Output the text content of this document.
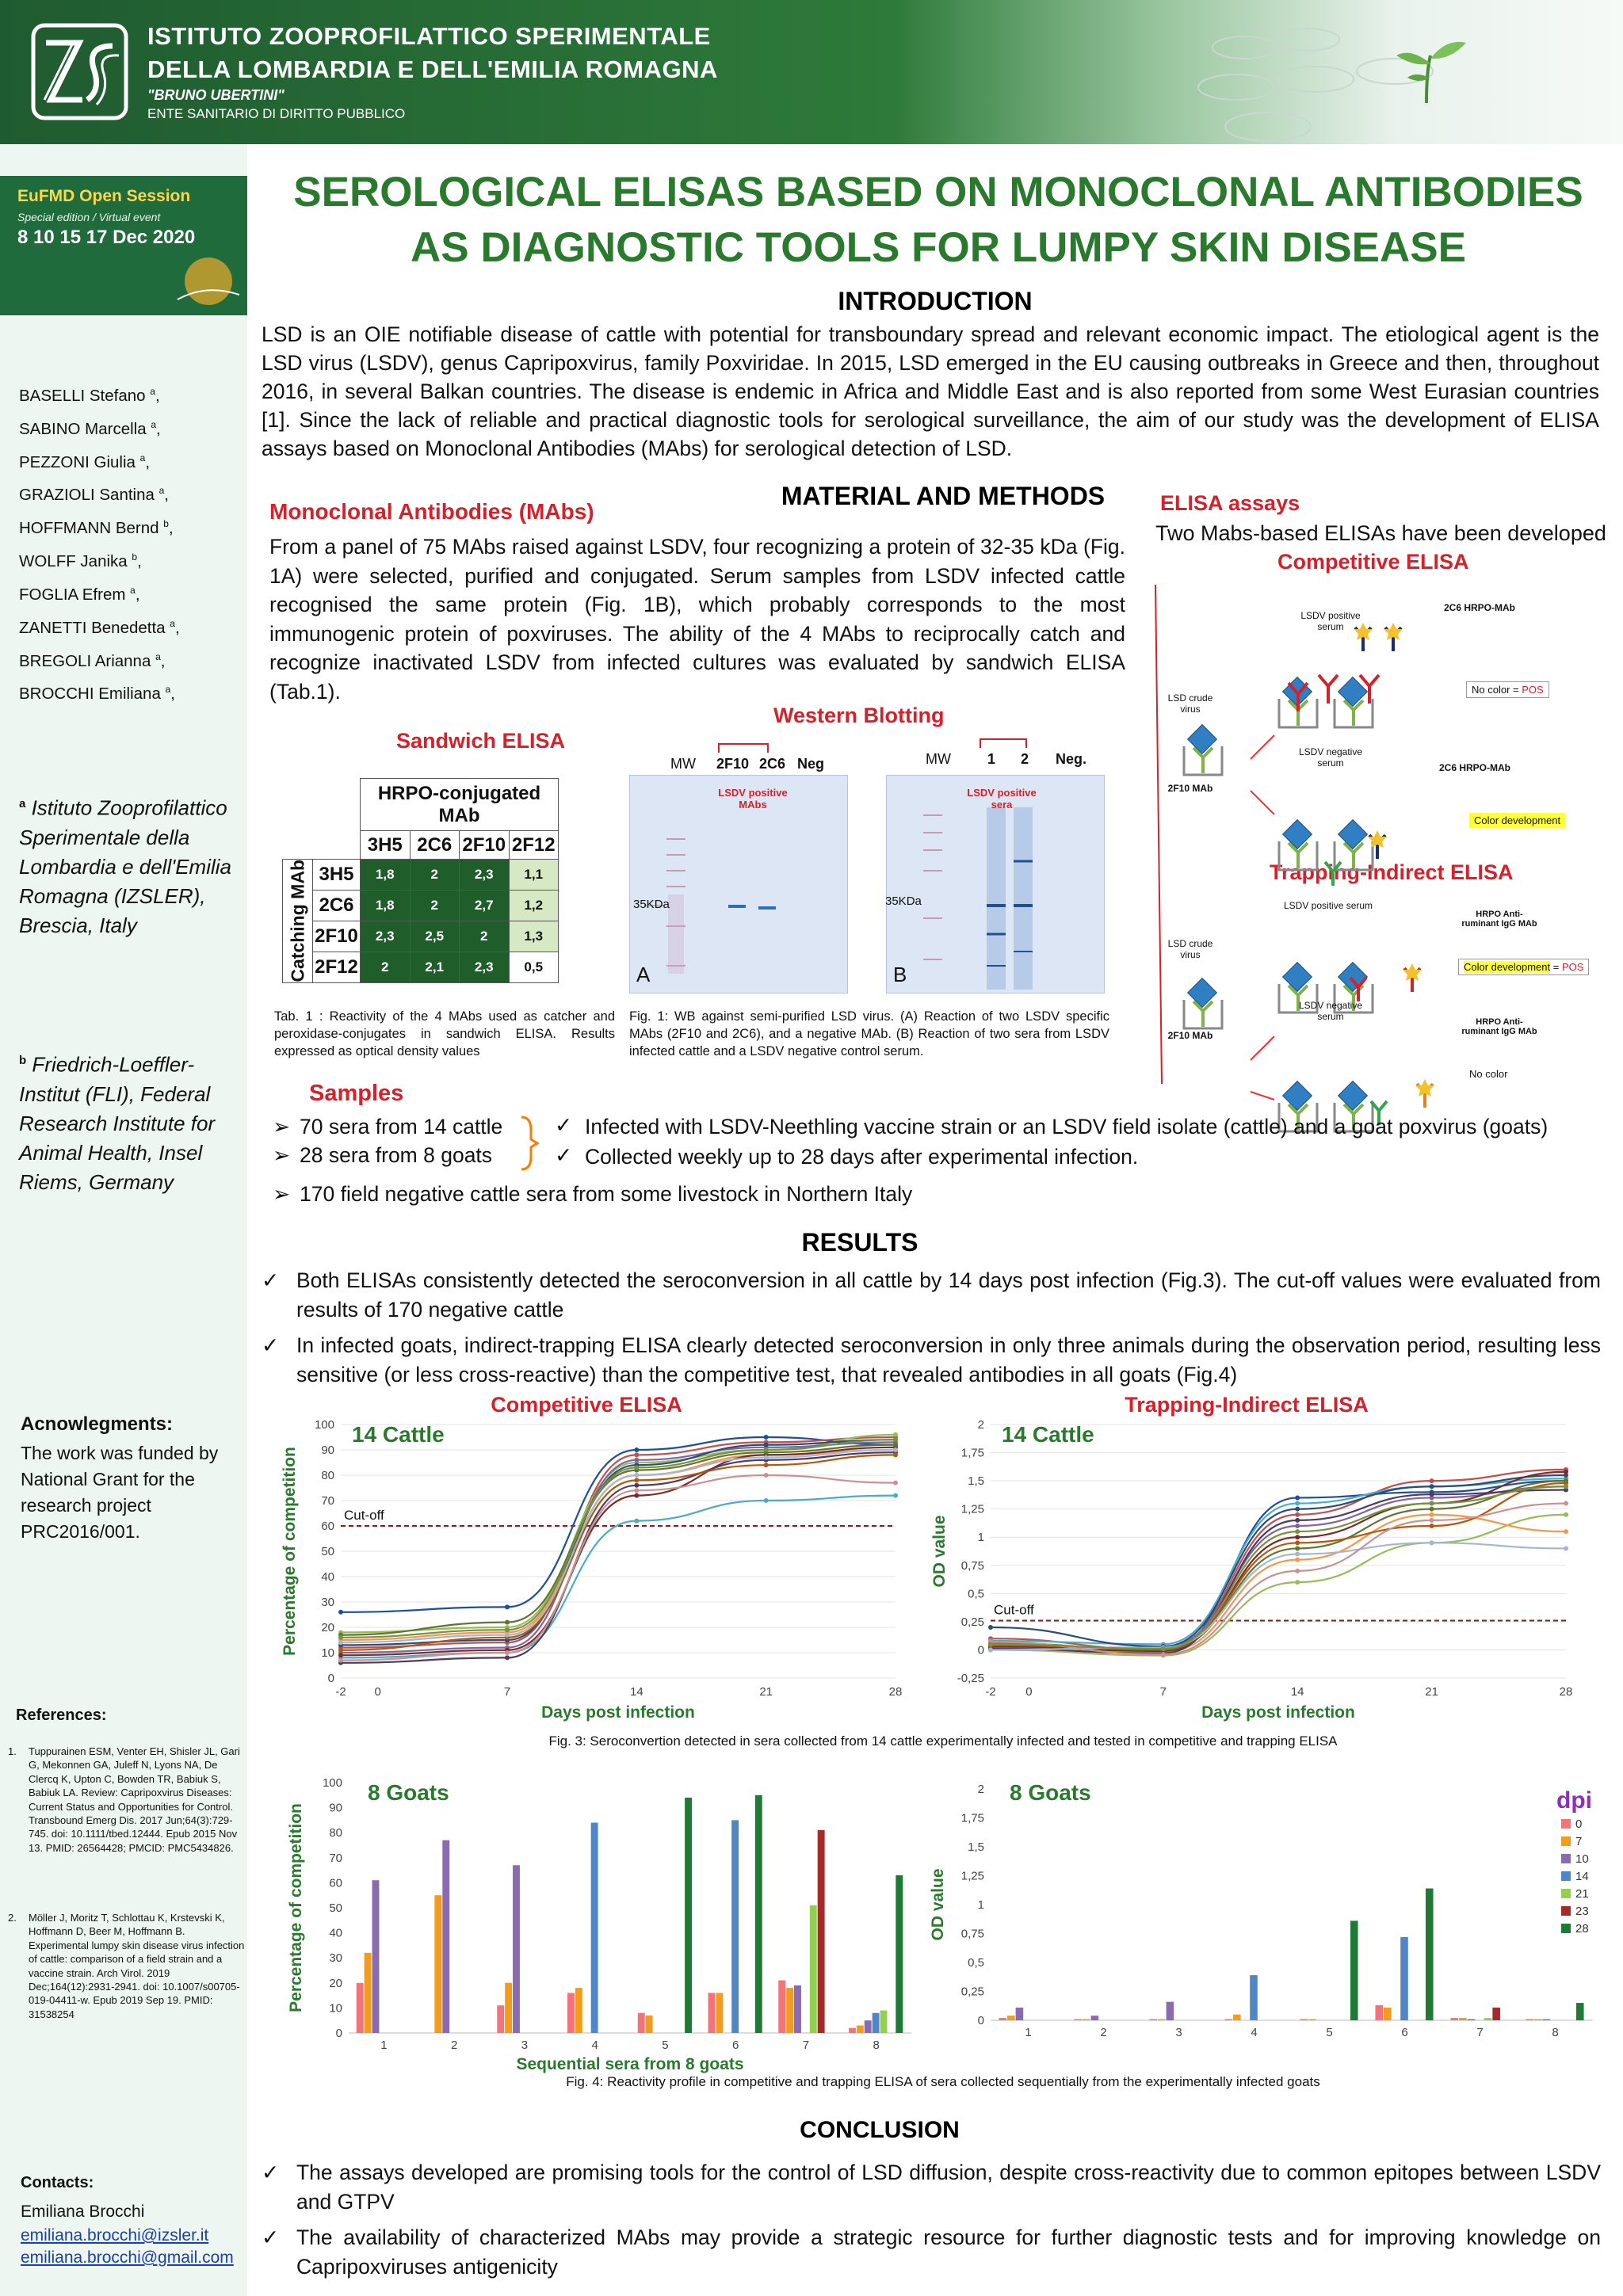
ISTITUTO ZOOPROFILATTICO SPERIMENTALE
DELLA LOMBARDIA E DELL'EMILIA ROMAGNA
"BRUNO UBERTINI"
ENTE SANITARIO DI DIRITTO PUBBLICO
EuFMD Open Session
Special edition / Virtual event
8 10 15 17 Dec 2020
BASELLI Stefano $^a$,
SABINO Marcella $^a$,
PEZZONI Giulia $^a$,
GRAZIOLI Santina $^a$,
HOFFMANN Bernd $^b$,
WOLFF Janika $^b$,
FOGLIA Efrem $^a$,
ZANETTI Benedetta $^a$,
BREGOLI Arianna $^a$,
BROCCHI Emiliana $^a$,
$^a$ Istituto Zooprofilattico Sperimentale della Lombardia e dell'Emilia Romagna (IZSLER), Brescia, Italy
$^b$ Friedrich-Loeffler-Institut (FLI), Federal Research Institute for Animal Health, Insel Riems, Germany
Acnowlegments:
The work was funded by National Grant for the research project PRC2016/001.
References:
1. Tuppurainen ESM, Venter EH, Shisler JL, Gari G, Mekonnen GA, Juleff N, Lyons NA, De Clercq K, Upton C, Bowden TR, Babiuk S, Babiuk LA. Review: Capripoxvirus Diseases: Current Status and Opportunities for Control. Transbound Emerg Dis. 2017 Jun;64(3):729-745. doi: 10.1111/tbed.12444. Epub 2015 Nov 13. PMID: 26564428; PMCID: PMC5434826.
2. Möller J, Moritz T, Schlottau K, Krstevski K, Hoffmann D, Beer M, Hoffmann B. Experimental lumpy skin disease virus infection of cattle: comparison of a field strain and a vaccine strain. Arch Virol. 2019 Dec;164(12):2931-2941. doi: 10.1007/s00705-019-04411-w. Epub 2019 Sep 19. PMID: 31538254
Contacts:
Emiliana Brocchi
emiliana.brocchi@izsler.it
emiliana.brocchi@gmail.com
SEROLOGICAL ELISAS BASED ON MONOCLONAL ANTIBODIES
AS DIAGNOSTIC TOOLS FOR LUMPY SKIN DISEASE
INTRODUCTION
LSD is an OIE notifiable disease of cattle with potential for transboundary spread and relevant economic impact. The etiological agent is the LSD virus (LSDV), genus Capripoxvirus, family Poxviridae. In 2015, LSD emerged in the EU causing outbreaks in Greece and then, throughout 2016, in several Balkan countries. The disease is endemic in Africa and Middle East and is also reported from some West Eurasian countries [1]. Since the lack of reliable and practical diagnostic tools for serological surveillance, the aim of our study was the development of ELISA assays based on Monoclonal Antibodies (MAbs) for serological detection of LSD.
MATERIAL AND METHODS
Monoclonal Antibodies (MAbs)
From a panel of 75 MAbs raised against LSDV, four recognizing a protein of 32-35 kDa (Fig. 1A) were selected, purified and conjugated. Serum samples from LSDV infected cattle recognised the same protein (Fig. 1B), which probably corresponds to the most immunogenic protein of poxviruses. The ability of the 4 MAbs to reciprocally catch and recognize inactivated LSDV from infected cultures was evaluated by sandwich ELISA (Tab.1).
Sandwich ELISA
		HRPO-conjugated MAb			
		3H5	2C6	2F10	2F12
Catching MAb	3H5	1,8	2	2,3	1,1
	2C6	1,8	2	2,7	1,2
	2F10	2,3	2,5	2	1,3
	2F12	2	2,1	2,3	0,5
Tab. 1 : Reactivity of the 4 MAbs used as catcher and peroxidase-conjugates in sandwich ELISA. Results expressed as optical density values
Western Blotting
MW 2F10 2C6 Neg	MW	1 2 Neg.
35KDa
LSDV positive MAbs
A
35KDa
LSDV positive sera
B
Fig. 1: WB against semi-purified LSD virus. (A) Reaction of two LSDV specific MAbs (2F10 and 2C6), and a negative MAb. (B) Reaction of two sera from LSDV infected cattle and a LSDV negative control serum.
ELISA assays
Two Mabs-based ELISAs have been developed
Competitive ELISA
Trapping-Indirect ELISA
LSDV positive serum
2C6 HRPO-MAb
No color = POS
LSD crude virus
2F10 MAb
LSDV negative serum	2C6 HRPO-MAb
Color development
LSDV positive serum
LSD crude virus
HRPO Anti-ruminant IgG MAb
Color development = POS
LSDV negative serum
2F10 MAb
HRPO Anti-ruminant IgG MAb
No color
Samples
➢ 70 sera from 14 cattle
➢ 28 sera from 8 goats
➢ 170 field negative cattle sera from some livestock in Northern Italy
✓ Infected with LSDV-Neethling vaccine strain or an LSDV field isolate (cattle) and a goat poxvirus (goats)
✓ Collected weekly up to 28 days after experimental infection.
RESULTS
✓ Both ELISAs consistently detected the seroconversion in all cattle by 14 days post infection (Fig.3). The cut-off values were evaluated from results of 170 negative cattle
✓ In infected goats, indirect-trapping ELISA clearly detected seroconversion in only three animals during the observation period, resulting less sensitive (or less cross-reactive) than the competitive test, that revealed antibodies in all goats (Fig.4)
Competitive ELISA
14 Cattle
0
10
20
30
40
50
60
70
80
90
100
-2 0	7	14	21	28
Days post infection
Percentage of competition	Cut-off
Trapping-Indirect ELISA
14 Cattle
-0,25
0
0,25
0,5
0,75
1
1,25
1,5
1,75
2
-2	0	7	14	21	28
Days post infection
OD value
Cut-off
Fig. 3: Seroconvertion detected in sera collected from 14 cattle experimentally infected and tested in competitive and trapping ELISA
8 Goats
0
10
20
30
40
50
60
70
80
90
100
Percentage of competition
Sequential sera from 8 goats
1	2	3	4	5	6	7	8
8 Goats
0
0,25
0,5
0,75
1
1,25
1,5
1,75
2
OD value
1	2	3	4	5	6	7	8
dpi
0
7
10
14
21
23
28
Fig. 4: Reactivity profile in competitive and trapping ELISA of sera collected sequentially from the experimentally infected goats
CONCLUSION
✓ The assays developed are promising tools for the control of LSD diffusion, despite cross-reactivity due to common epitopes between LSDV and GTPV
✓ The availability of characterized MAbs may provide a strategic resource for further diagnostic tests and for improving knowledge on Capripoxviruses antigenicity
